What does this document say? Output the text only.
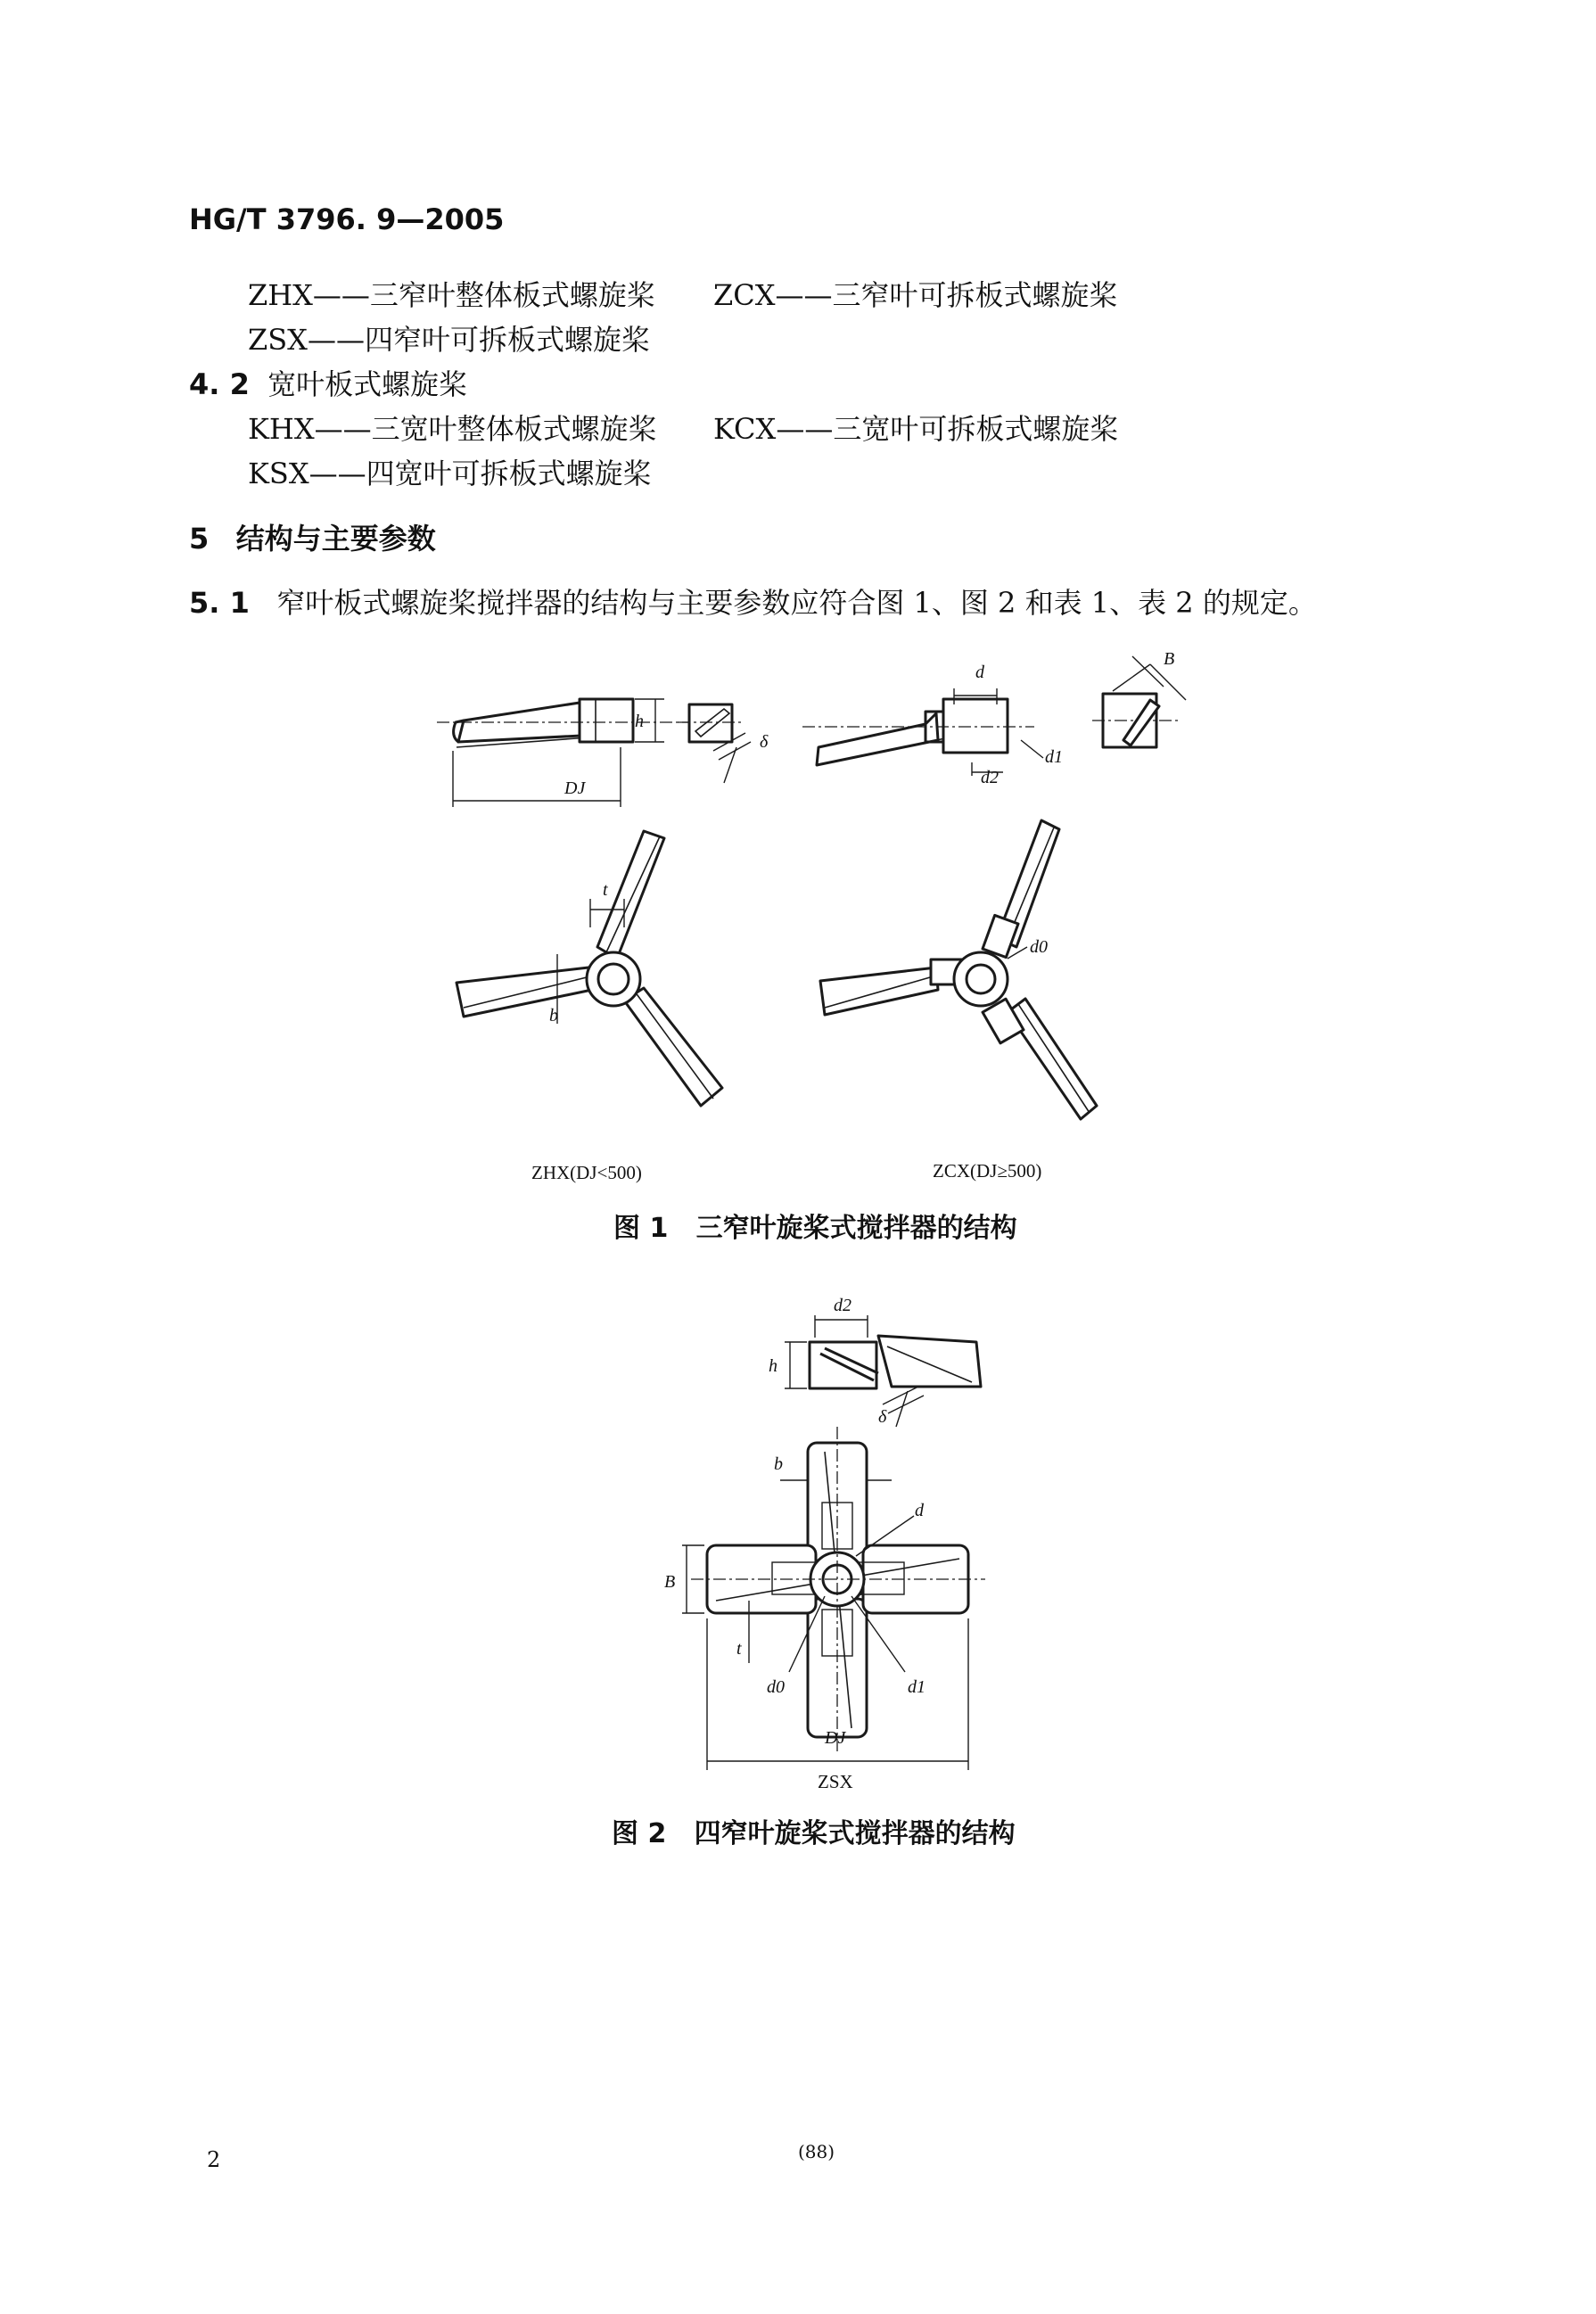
HG/T 3796. 9—2005
ZHX——三窄叶整体板式螺旋桨 ZCX——三窄叶可拆板式螺旋桨
ZSX——四窄叶可拆板式螺旋桨
4. 2 宽叶板式螺旋桨
KHX——三宽叶整体板式螺旋桨 KCX——三宽叶可拆板式螺旋桨
KSX——四宽叶可拆板式螺旋桨
5 结构与主要参数
5. 1 窄叶板式螺旋桨搅拌器的结构与主要参数应符合图 1、图 2 和表 1、表 2 的规定。
h
DJ
δ
d
d2
d1
B
t
b
d0
d2
h
δ
b
d
B
t
d0	d1
DJ
ZHX(DJ<500)	ZCX(DJ≥500)
图 1 三窄叶旋桨式搅拌器的结构
ZSX
图 2 四窄叶旋桨式搅拌器的结构
2	(88)
